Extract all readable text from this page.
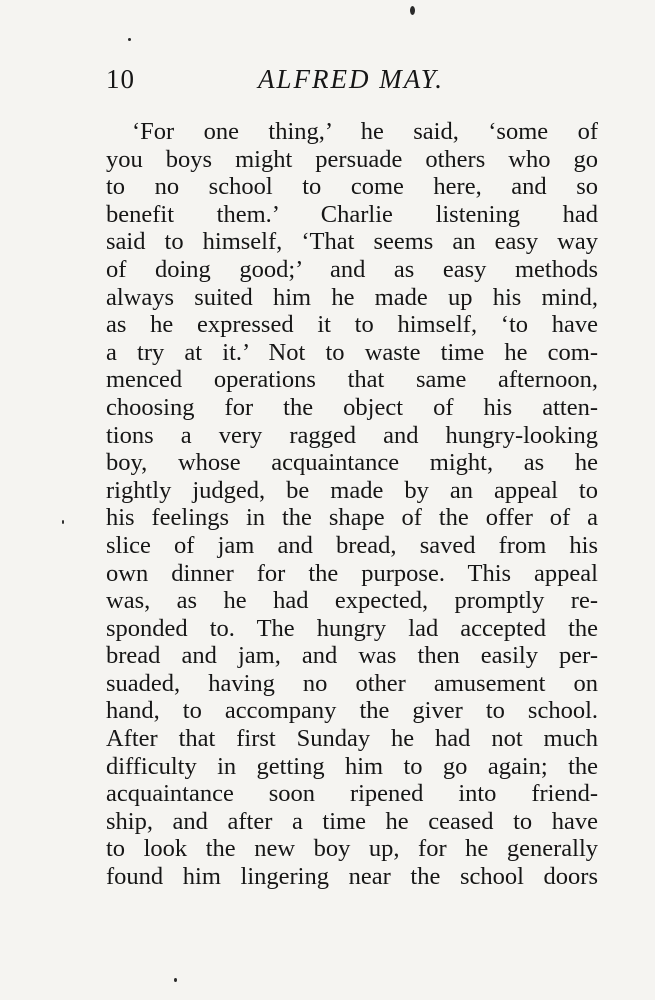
10	ALFRED MAY.
‘For one thing,’ he said, ‘some of
you boys might persuade others who go
to no school to come here, and so
benefit them.’ Charlie listening had
said to himself, ‘That seems an easy way
of doing good;’ and as easy methods
always suited him he made up his mind,
as he expressed it to himself, ‘to have
a try at it.’ Not to waste time he com-
menced operations that same afternoon,
choosing for the object of his atten-
tions a very ragged and hungry-looking
boy, whose acquaintance might, as he
rightly judged, be made by an appeal to
his feelings in the shape of the offer of a
slice of jam and bread, saved from his
own dinner for the purpose. This appeal
was, as he had expected, promptly re-
sponded to. The hungry lad accepted the
bread and jam, and was then easily per-
suaded, having no other amusement on
hand, to accompany the giver to school.
After that first Sunday he had not much
difficulty in getting him to go again; the
acquaintance soon ripened into friend-
ship, and after a time he ceased to have
to look the new boy up, for he generally
found him lingering near the school doors
